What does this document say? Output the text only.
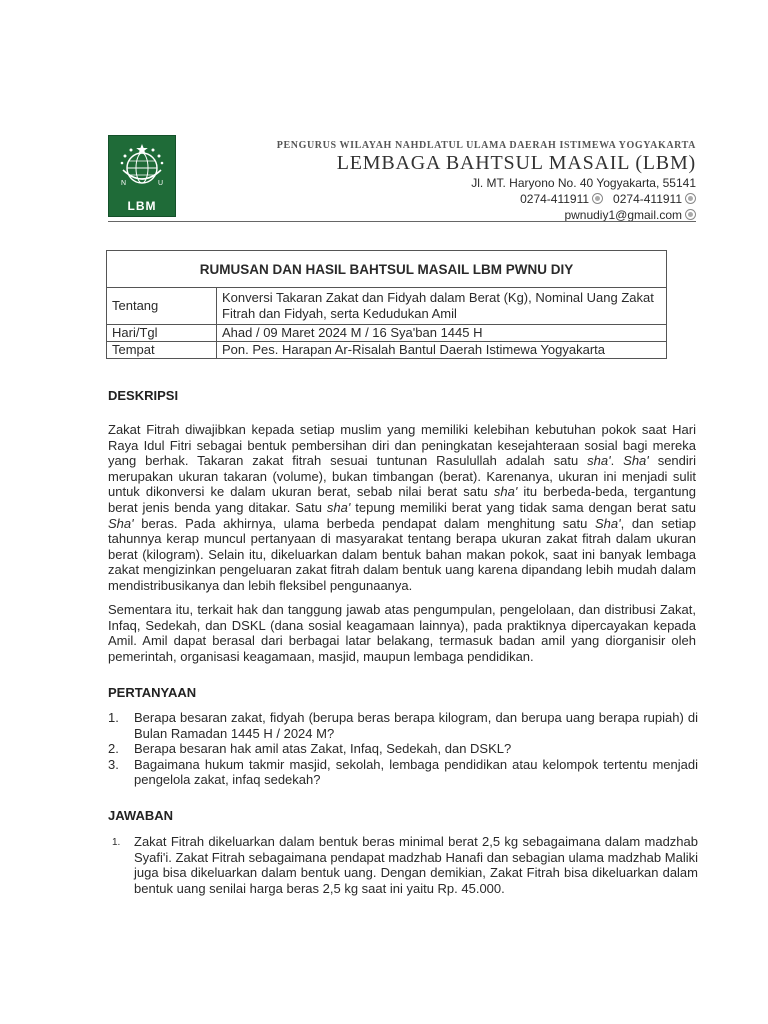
N	U
LBM
PENGURUS WILAYAH NAHDLATUL ULAMA DAERAH ISTIMEWA YOGYAKARTA
LEMBAGA BAHTSUL MASAIL (LBM)
Jl. MT. Haryono No. 40 Yogyakarta, 55141
0274-411911 0274-411911
pwnudiy1@gmail.com
RUMUSAN DAN HASIL BAHTSUL MASAIL LBM PWNU DIY	
Tentang	Konversi Takaran Zakat dan Fidyah dalam Berat (Kg), Nominal Uang Zakat Fitrah dan Fidyah, serta Kedudukan Amil
Hari/Tgl	Ahad / 09 Maret 2024 M / 16 Sya'ban 1445 H
Tempat	Pon. Pes. Harapan Ar-Risalah Bantul Daerah Istimewa Yogyakarta
DESKRIPSI

Zakat Fitrah diwajibkan kepada setiap muslim yang memiliki kelebihan kebutuhan pokok saat Hari Raya Idul Fitri sebagai bentuk pembersihan diri dan peningkatan kesejahteraan sosial bagi mereka yang berhak. Takaran zakat fitrah sesuai tuntunan Rasulullah adalah satu sha'. Sha' sendiri merupakan ukuran takaran (volume), bukan timbangan (berat). Karenanya, ukuran ini menjadi sulit untuk dikonversi ke dalam ukuran berat, sebab nilai berat satu sha' itu berbeda-beda, tergantung berat jenis benda yang ditakar. Satu sha' tepung memiliki berat yang tidak sama dengan berat satu Sha' beras. Pada akhirnya, ulama berbeda pendapat dalam menghitung satu Sha', dan setiap tahunnya kerap muncul pertanyaan di masyarakat tentang berapa ukuran zakat fitrah dalam ukuran berat (kilogram). Selain itu, dikeluarkan dalam bentuk bahan makan pokok, saat ini banyak lembaga zakat mengizinkan pengeluaran zakat fitrah dalam bentuk uang karena dipandang lebih mudah dalam mendistribusikanya dan lebih fleksibel pengunaanya.

Sementara itu, terkait hak dan tanggung jawab atas pengumpulan, pengelolaan, dan distribusi Zakat, Infaq, Sedekah, dan DSKL (dana sosial keagamaan lainnya), pada praktiknya dipercayakan kepada Amil. Amil dapat berasal dari berbagai latar belakang, termasuk badan amil yang diorganisir oleh pemerintah, organisasi keagamaan, masjid, maupun lembaga pendidikan.

PERTANYAAN
1. Berapa besaran zakat, fidyah (berupa beras berapa kilogram, dan berupa uang berapa rupiah) di Bulan Ramadan 1445 H / 2024 M?
2. Berapa besaran hak amil atas Zakat, Infaq, Sedekah, dan DSKL?
3. Bagaimana hukum takmir masjid, sekolah, lembaga pendidikan atau kelompok tertentu menjadi pengelola zakat, infaq sedekah?
JAWABAN
1. Zakat Fitrah dikeluarkan dalam bentuk beras minimal berat 2,5 kg sebagaimana dalam madzhab Syafi'i. Zakat Fitrah sebagaimana pendapat madzhab Hanafi dan sebagian ulama madzhab Maliki juga bisa dikeluarkan dalam bentuk uang. Dengan demikian, Zakat Fitrah bisa dikeluarkan dalam bentuk uang senilai harga beras 2,5 kg saat ini yaitu Rp. 45.000.
